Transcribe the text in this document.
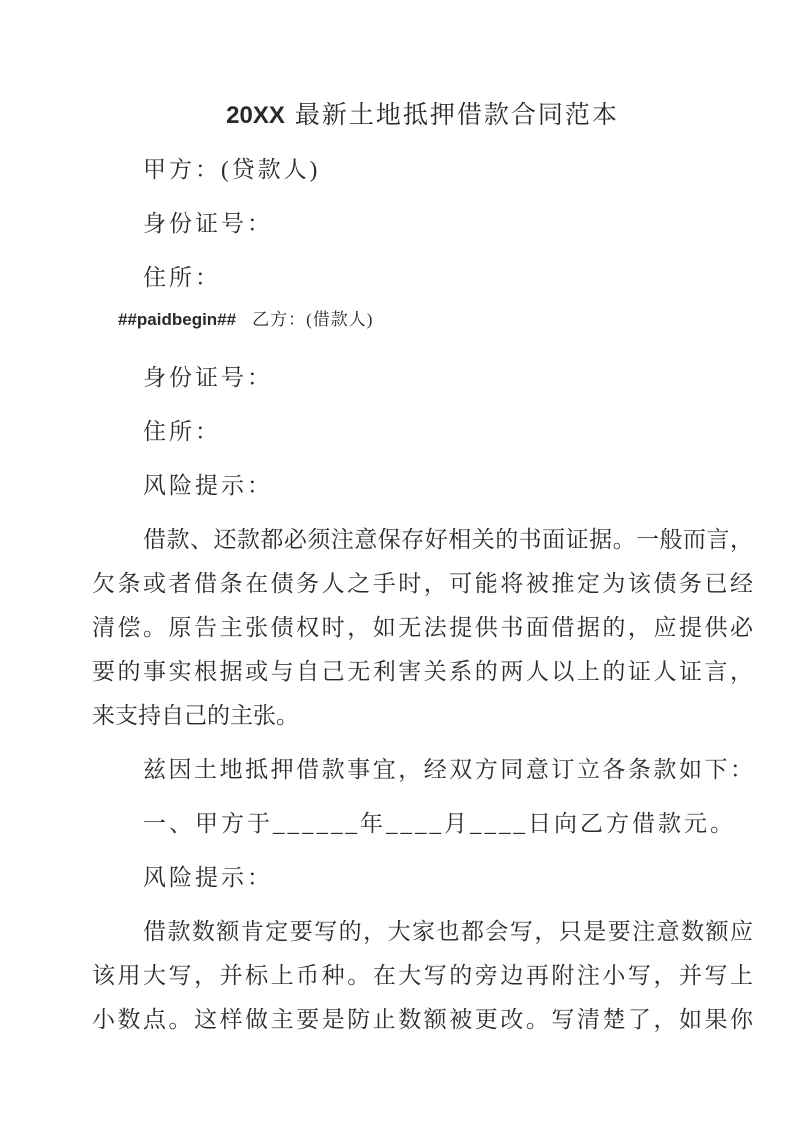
20XX 最新土地抵押借款合同范本
甲方：(贷款人)
身份证号：
住所：
##paidbegin## 乙方：(借款人)
身份证号：
住所：
风险提示：
借款、还款都必须注意保存好相关的书面证据。一般而言，
欠条或者借条在债务人之手时，可能将被推定为该债务已经
清偿。原告主张债权时，如无法提供书面借据的，应提供必
要的事实根据或与自己无利害关系的两人以上的证人证言，
来支持自己的主张。
兹因土地抵押借款事宜，经双方同意订立各条款如下：
一、甲方于______年____月____日向乙方借款元。
风险提示：
借款数额肯定要写的，大家也都会写，只是要注意数额应
该用大写，并标上币种。在大写的旁边再附注小写，并写上
小数点。这样做主要是防止数额被更改。写清楚了，如果你
